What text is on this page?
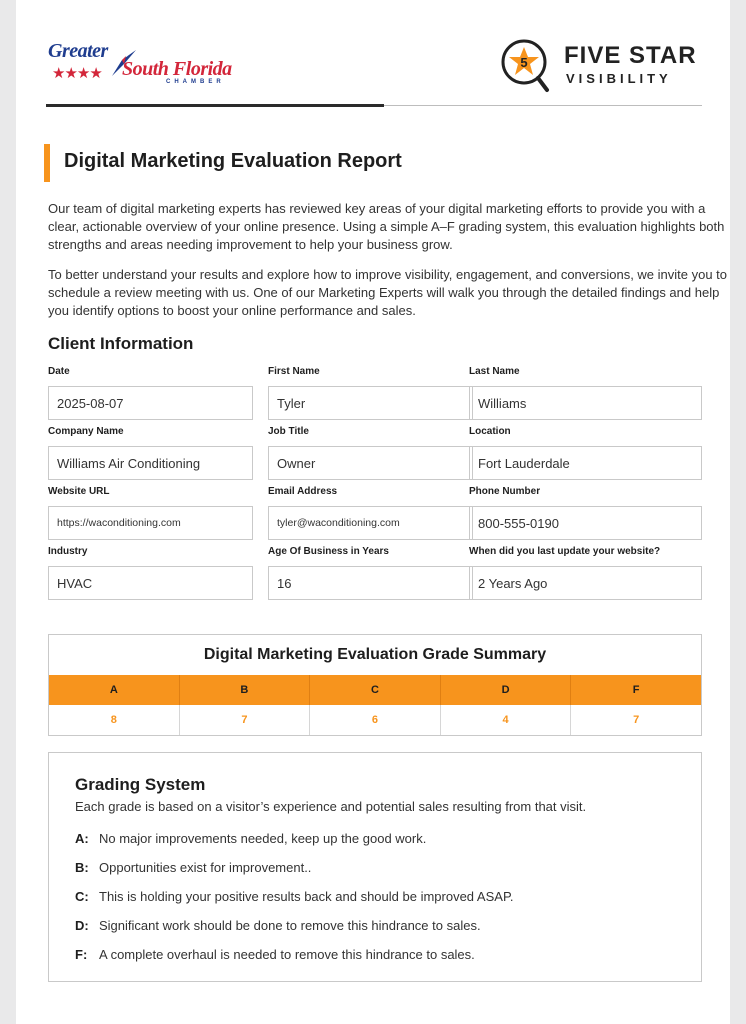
Greater
★★★★ South Florida
CHAMBER
5 FIVE STAR
VISIBILITY
Digital Marketing Evaluation Report

Our team of digital marketing experts has reviewed key areas of your digital marketing efforts to provide you with a clear, actionable overview of your online presence. Using a simple A–F grading system, this evaluation highlights both strengths and areas needing improvement to help your business grow.

To better understand your results and explore how to improve visibility, engagement, and conversions, we invite you to schedule a review meeting with us. One of our Marketing Experts will walk you through the detailed findings and help you identify options to boost your online performance and sales.

Client Information
Date
2025-08-07
First Name
Tyler
Last Name
Williams
Company Name
Williams Air Conditioning
Job Title
Owner
Location
Fort Lauderdale
Website URL
https://waconditioning.com
Email Address
tyler@waconditioning.com
Phone Number
800-555-0190
Industry
HVAC
Age Of Business in Years
16
When did you last update your website?
2 Years Ago
Digital Marketing Evaluation Grade Summary
A	B	C	D	F
8	7	6	4	7
Grading System
Each grade is based on a visitor’s experience and potential sales resulting from that visit.
A: No major improvements needed, keep up the good work.
B: Opportunities exist for improvement..
C: This is holding your positive results back and should be improved ASAP.
D: Significant work should be done to remove this hindrance to sales.
F: A complete overhaul is needed to remove this hindrance to sales.
